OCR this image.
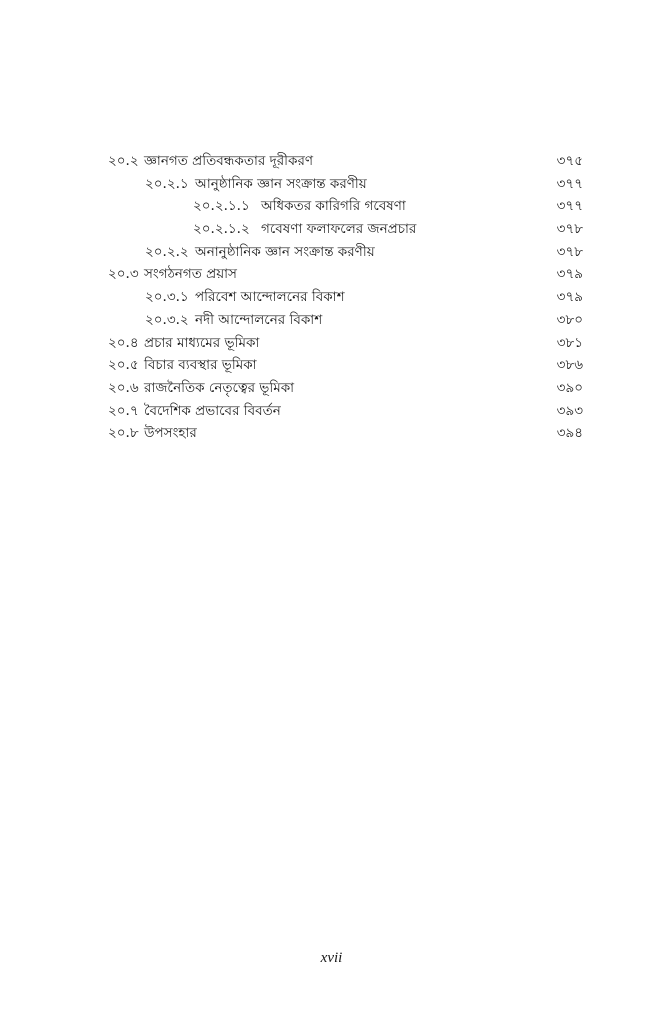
২০.২ জ্ঞানগত প্রতিবন্ধকতার দূরীকরণ	৩৭৫
২০.২.১ আনুষ্ঠানিক জ্ঞান সংক্রান্ত করণীয়	৩৭৭
২০.২.১.১ অধিকতর কারিগরি গবেষণা	৩৭৭
২০.২.১.২ গবেষণা ফলাফলের জনপ্রচার	৩৭৮
২০.২.২ অনানুষ্ঠানিক জ্ঞান সংক্রান্ত করণীয়	৩৭৮
২০.৩ সংগঠনগত প্রয়াস	৩৭৯
২০.৩.১ পরিবেশ আন্দোলনের বিকাশ	৩৭৯
২০.৩.২ নদী আন্দোলনের বিকাশ	৩৮০
২০.৪ প্রচার মাধ্যমের ভূমিকা	৩৮১
২০.৫ বিচার ব্যবস্থার ভূমিকা	৩৮৬
২০.৬ রাজনৈতিক নেতৃত্বের ভূমিকা	৩৯০
২০.৭ বৈদেশিক প্রভাবের বিবর্তন	৩৯৩
২০.৮ উপসংহার	৩৯৪
xvii
